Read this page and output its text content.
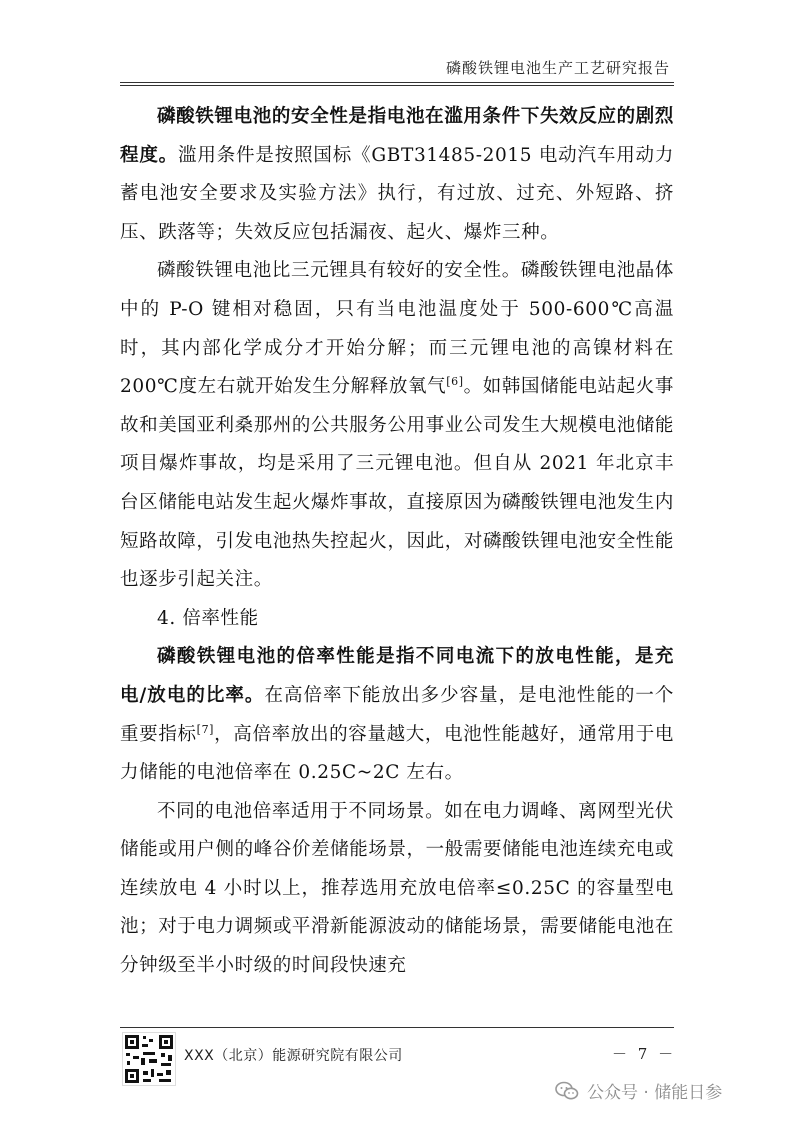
磷酸铁锂电池生产工艺研究报告

磷酸铁锂电池的安全性是指电池在滥用条件下失效反应的剧烈程度。滥用条件是按照国标《GBT31485-2015 电动汽车用动力蓄电池安全要求及实验方法》执行，有过放、过充、外短路、挤压、跌落等；失效反应包括漏夜、起火、爆炸三种。

磷酸铁锂电池比三元锂具有较好的安全性。磷酸铁锂电池晶体中的 P-O 键相对稳固，只有当电池温度处于 500-600℃高温时，其内部化学成分才开始分解；而三元锂电池的高镍材料在 200℃度左右就开始发生分解释放氧气[6]。如韩国储能电站起火事故和美国亚利桑那州的公共服务公用事业公司发生大规模电池储能项目爆炸事故，均是采用了三元锂电池。但自从 2021 年北京丰台区储能电站发生起火爆炸事故，直接原因为磷酸铁锂电池发生内短路故障，引发电池热失控起火，因此，对磷酸铁锂电池安全性能也逐步引起关注。

4. 倍率性能

磷酸铁锂电池的倍率性能是指不同电流下的放电性能，是充电/放电的比率。在高倍率下能放出多少容量，是电池性能的一个重要指标[7]，高倍率放出的容量越大，电池性能越好，通常用于电力储能的电池倍率在 0.25C~2C 左右。

不同的电池倍率适用于不同场景。如在电力调峰、离网型光伏储能或用户侧的峰谷价差储能场景，一般需要储能电池连续充电或连续放电 4 小时以上，推荐选用充放电倍率≤0.25C 的容量型电池；对于电力调频或平滑新能源波动的储能场景，需要储能电池在分钟级至半小时级的时间段快速充

XXX（北京）能源研究院有限公司	－ 7 －
公众号 · 储能日参
